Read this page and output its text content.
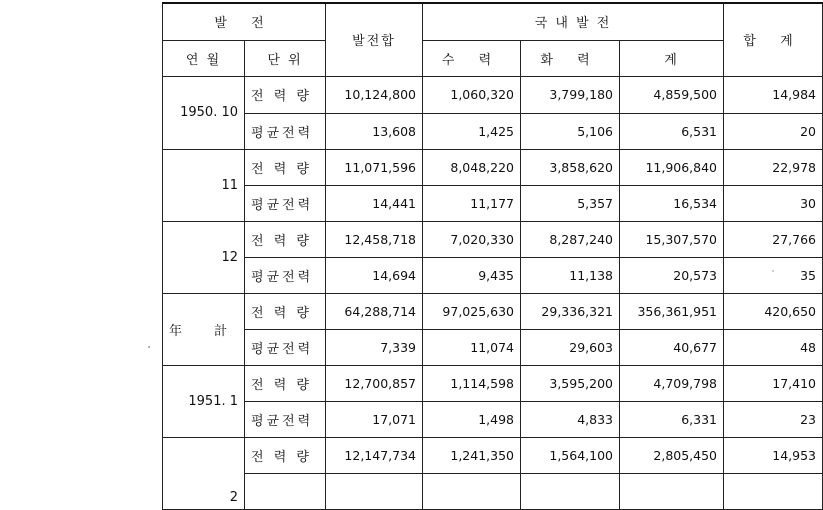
발 전		발전합	국 내 발 전			합 계
연 월	단 위		수 력	화 력	계	
1950. 10	전 력 량	10,124,800	1,060,320	3,799,180	4,859,500	14,984
	평균전력	13,608	1,425	5,106	6,531	20
11	전 력 량	11,071,596	8,048,220	3,858,620	11,906,840	22,978
	평균전력	14,441	11,177	5,357	16,534	30
12	전 력 량	12,458,718	7,020,330	8,287,240	15,307,570	27,766
	평균전력	14,694	9,435	11,138	20,573	35
年 計	전 력 량	64,288,714	97,025,630	29,336,321	356,361,951	420,650
	평균전력	7,339	11,074	29,603	40,677	48
1951. 1	전 력 량	12,700,857	1,114,598	3,595,200	4,709,798	17,410
	평균전력	17,071	1,498	4,833	6,331	23
2	전 력 량	12,147,734	1,241,350	1,564,100	2,805,450	14,953
